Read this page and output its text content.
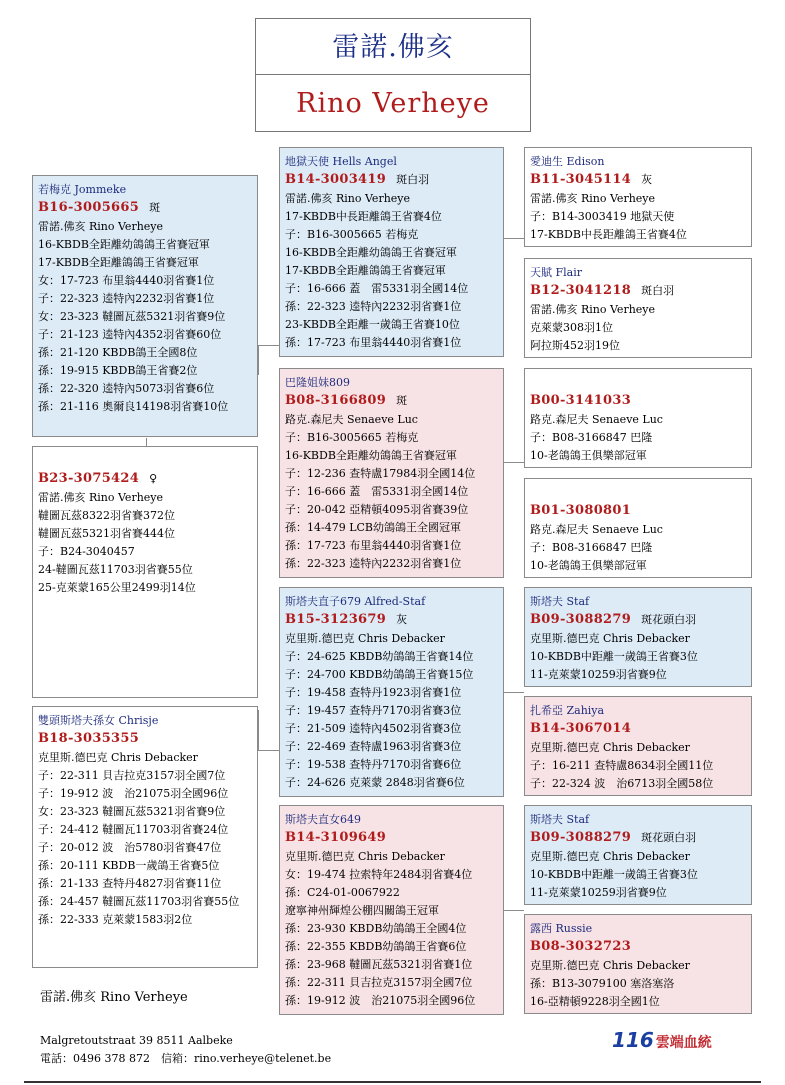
雷諾.佛亥
Rino Verheye
若梅克 Jommeke
B16-3005665 斑
雷諾.佛亥 Rino Verheye
16-KBDB全距離幼鴿鴿王省賽冠軍
17-KBDB全距離鴿鴿王省賽冠軍
女：17-723 布里翁4440羽省賽1位
子：22-323 逵特內2232羽省賽1位
女：23-323 韃圖瓦茲5321羽省賽9位
子：21-123 逵特內4352羽省賽60位
孫：21-120 KBDB鴿王全國8位
孫：19-915 KBDB鴿王省賽2位
孫：22-320 逵特內5073羽省賽6位
孫：21-116 奧爾良14198羽省賽10位

B23-3075424 ♀
雷諾.佛亥 Rino Verheye
韃圖瓦茲8322羽省賽372位
韃圖瓦茲5321羽省賽444位
子：B24-3040457
24-韃圖瓦茲11703羽省賽55位
25-克萊蒙165公里2499羽14位
雙頭斯塔夫孫女 Chrisje
B18-3035355
克里斯.德巴克 Chris Debacker
子：22-311 貝吉拉克3157羽全國7位
子：19-912 波　治21075羽全國96位
女：23-323 韃圖瓦茲5321羽省賽9位
子：24-412 韃圖瓦11703羽省賽24位
子：20-012 波　治5780羽省賽47位
孫：20-111 KBDB一歲鴿王省賽5位
孫：21-133 查特丹4827羽省賽11位
孫：24-457 韃圖瓦茲11703羽省賽55位
孫：22-333 克萊蒙1583羽2位
地獄天使 Hells Angel
B14-3003419 斑白羽
雷諾.佛亥 Rino Verheye
17-KBDB中長距離鴿王省賽4位
子：B16-3005665 若梅克
16-KBDB全距離幼鴿鴿王省賽冠軍
17-KBDB全距離鴿鴿王省賽冠軍
子：16-666 蓋　雷5331羽全國14位
孫：22-323 逵特內2232羽省賽1位
23-KBDB全距離一歲鴿王省賽10位
孫：17-723 布里翁4440羽省賽1位
巴隆姐妹809
B08-3166809 斑
路克.森尼夫 Senaeve Luc
子：B16-3005665 若梅克
16-KBDB全距離幼鴿鴿王省賽冠軍
子：12-236 查特盧17984羽全國14位
子：16-666 蓋　雷5331羽全國14位
子：20-042 亞精頓4095羽省賽39位
孫：14-479 LCB幼鴿鴿王全國冠軍
孫：17-723 布里翁4440羽省賽1位
孫：22-323 逵特內2232羽省賽1位
斯塔夫直子679 Alfred-Staf
B15-3123679 灰
克里斯.德巴克 Chris Debacker
子：24-625 KBDB幼鴿鴿王省賽14位
子：24-700 KBDB幼鴿鴿王省賽15位
子：19-458 查特丹1923羽省賽1位
子：19-457 查特丹7170羽省賽3位
子：21-509 逵特內4502羽省賽3位
子：22-469 查特盧1963羽省賽3位
子：19-538 查特丹7170羽省賽6位
子：24-626 克萊蒙 2848羽省賽6位
斯塔夫直女649
B14-3109649
克里斯.德巴克 Chris Debacker
女：19-474 拉索特年2484羽省賽4位
孫：C24-01-0067922
遼寧神州輝煌公棚四關鴿王冠軍
孫：23-930 KBDB幼鴿鴿王全國4位
孫：22-355 KBDB幼鴿鴿王省賽6位
孫：23-968 韃圖瓦茲5321羽省賽1位
孫：22-311 貝吉拉克3157羽全國7位
孫：19-912 波　治21075羽全國96位
愛迪生 Edison
B11-3045114 灰
雷諾.佛亥 Rino Verheye
子：B14-3003419 地獄天使
17-KBDB中長距離鴿王省賽4位
天賦 Flair
B12-3041218 斑白羽
雷諾.佛亥 Rino Verheye
克萊蒙308羽1位
阿拉斯452羽19位

B00-3141033
路克.森尼夫 Senaeve Luc
子：B08-3166847 巴隆
10-老鴿鴿王俱樂部冠軍

B01-3080801
路克.森尼夫 Senaeve Luc
子：B08-3166847 巴隆
10-老鴿鴿王俱樂部冠軍
斯塔夫 Staf
B09-3088279 斑花頭白羽
克里斯.德巴克 Chris Debacker
10-KBDB中距離一歲鴿王省賽3位
11-克萊蒙10259羽省賽9位
扎希亞 Zahiya
B14-3067014
克里斯.德巴克 Chris Debacker
子：16-211 查特盧8634羽全國11位
子：22-324 波　治6713羽全國58位
斯塔夫 Staf
B09-3088279 斑花頭白羽
克里斯.德巴克 Chris Debacker
10-KBDB中距離一歲鴿王省賽3位
11-克萊蒙10259羽省賽9位
露西 Russie
B08-3032723
克里斯.德巴克 Chris Debacker
孫：B13-3079100 塞洛塞洛
16-亞精頓9228羽全國1位
雷諾.佛亥 Rino Verheye
Malgretoutstraat 39 8511 Aalbeke
電話：0496 378 872　信箱：rino.verheye@telenet.be
116 雲端血統
